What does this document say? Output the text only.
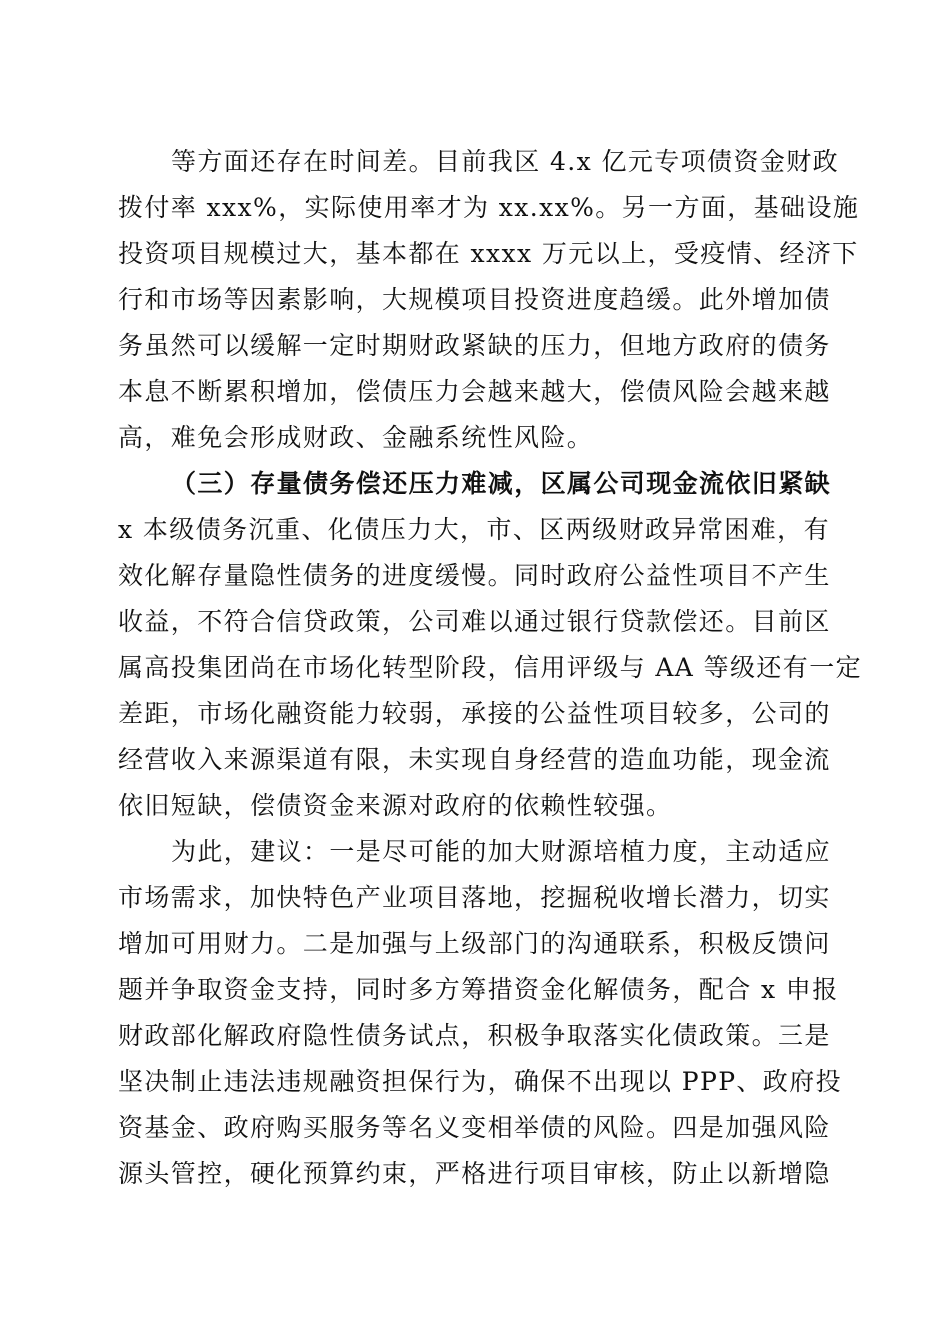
等方面还存在时间差。目前我区 4.x 亿元专项债资金财政
拨付率 xxx%，实际使用率才为 xx.xx%。另一方面，基础设施
投资项目规模过大，基本都在 xxxx 万元以上，受疫情、经济下
行和市场等因素影响，大规模项目投资进度趋缓。此外增加债
务虽然可以缓解一定时期财政紧缺的压力，但地方政府的债务
本息不断累积增加，偿债压力会越来越大，偿债风险会越来越
高，难免会形成财政、金融系统性风险。
（三）存量债务偿还压力难减，区属公司现金流依旧紧缺
x 本级债务沉重、化债压力大，市、区两级财政异常困难，有
效化解存量隐性债务的进度缓慢。同时政府公益性项目不产生
收益，不符合信贷政策，公司难以通过银行贷款偿还。目前区
属高投集团尚在市场化转型阶段，信用评级与 AA 等级还有一定
差距，市场化融资能力较弱，承接的公益性项目较多，公司的
经营收入来源渠道有限，未实现自身经营的造血功能，现金流
依旧短缺，偿债资金来源对政府的依赖性较强。
为此，建议：一是尽可能的加大财源培植力度，主动适应
市场需求，加快特色产业项目落地，挖掘税收增长潜力，切实
增加可用财力。二是加强与上级部门的沟通联系，积极反馈问
题并争取资金支持，同时多方筹措资金化解债务，配合 x 申报
财政部化解政府隐性债务试点，积极争取落实化债政策。三是
坚决制止违法违规融资担保行为，确保不出现以 PPP、政府投
资基金、政府购买服务等名义变相举债的风险。四是加强风险
源头管控，硬化预算约束，严格进行项目审核，防止以新增隐
